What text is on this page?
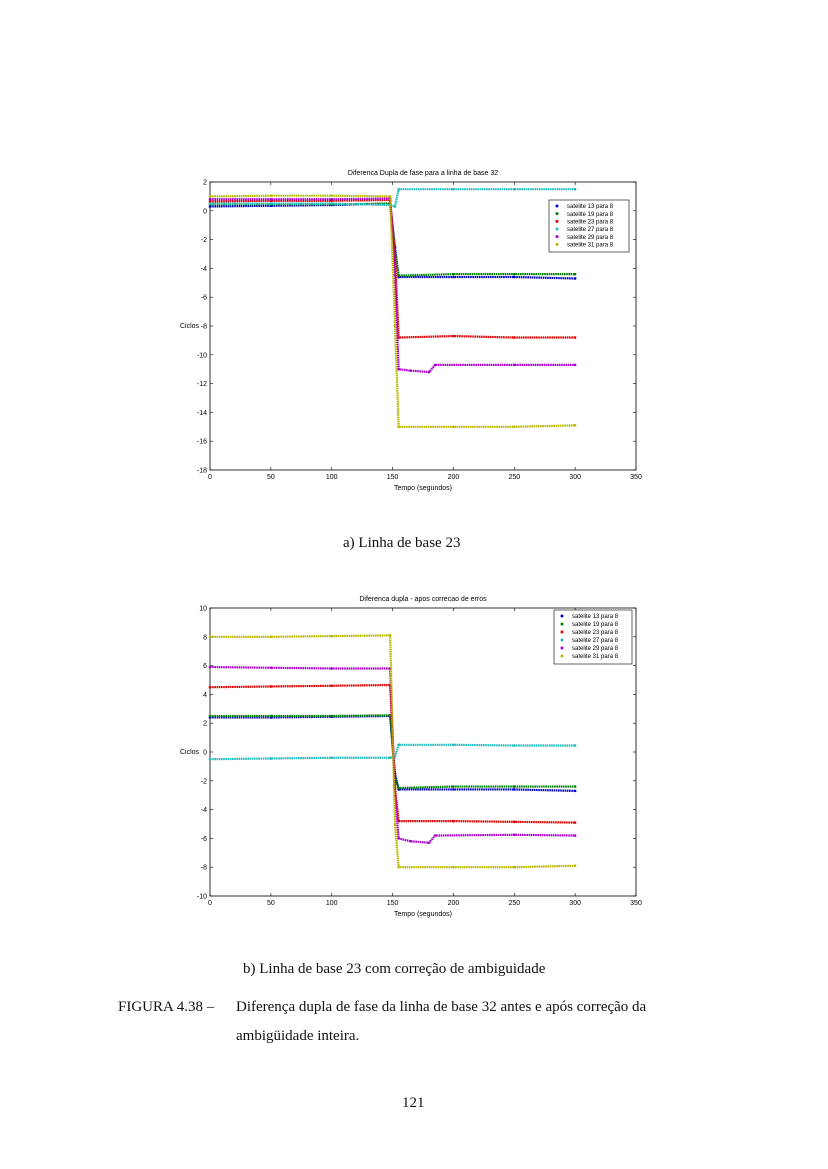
Diferenca Dupla de fase para a linha de base 32
0	50	100	150	200	250	300	350
2
0
-2
-4
-6
-8
-10
-12
-14
-16
-18
Tempo (segundos)
Ciclos
satelite 13 para 8
satelite 19 para 8
satelite 23 para 8
satelite 27 para 8
satelite 29 para 8
satelite 31 para 8
Diferenca dupla - apos correcao de erros
0	50	100	150	200	250	300	350
10
8
6
4
2
0
-2
-4
-6
-8
-10
Tempo (segundos)
Ciclos
satelite 13 para 8
satelite 19 para 8
satelite 23 para 8
satelite 27 para 8
satelite 29 para 8
satelite 31 para 8
a) Linha de base 23
b) Linha de base 23 com correção de ambiguidade
FIGURA 4.38 – Diferença dupla de fase da linha de base 32 antes e após correção da
ambigüidade inteira.
121
